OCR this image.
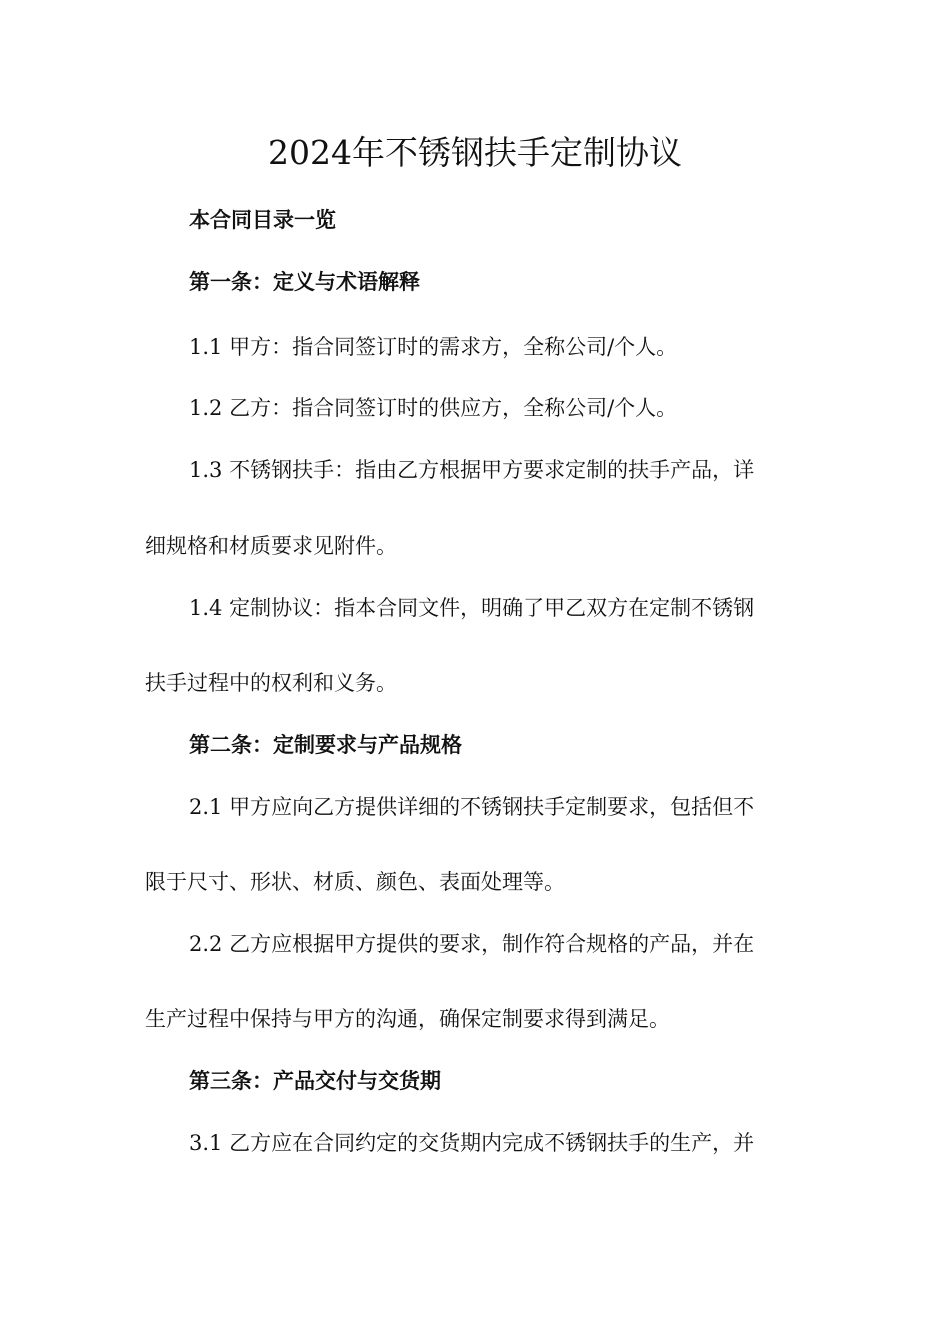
2024年不锈钢扶手定制协议

本合同目录一览

第一条：定义与术语解释

1.1 甲方：指合同签订时的需求方，全称公司/个人。

1.2 乙方：指合同签订时的供应方，全称公司/个人。

1.3 不锈钢扶手：指由乙方根据甲方要求定制的扶手产品，详

细规格和材质要求见附件。

1.4 定制协议：指本合同文件，明确了甲乙双方在定制不锈钢

扶手过程中的权利和义务。

第二条：定制要求与产品规格

2.1 甲方应向乙方提供详细的不锈钢扶手定制要求，包括但不

限于尺寸、形状、材质、颜色、表面处理等。

2.2 乙方应根据甲方提供的要求，制作符合规格的产品，并在

生产过程中保持与甲方的沟通，确保定制要求得到满足。

第三条：产品交付与交货期

3.1 乙方应在合同约定的交货期内完成不锈钢扶手的生产，并
